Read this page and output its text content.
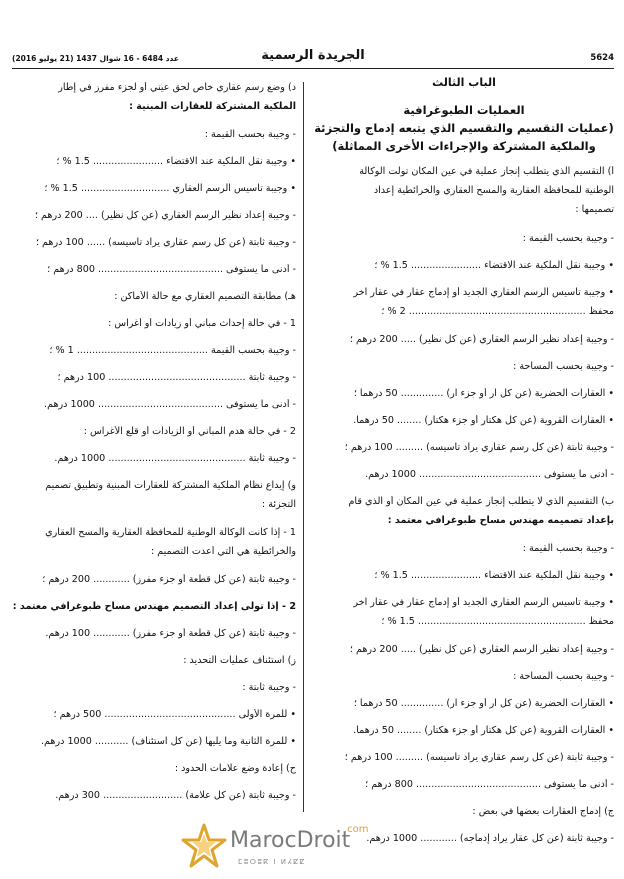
5624
الجريدة الرسمية
عدد 6484 - 16 شوال 1437 (21 يوليو 2016)
الباب الثالث
العمليات الطبوغرافية
(عمليات التقسيم والتقسيم الذي يتبعه إدماج والتجزئة
والملكية المشتركة والإجراءات الأخرى المماثلة)
أ) التقسيم الذي يتطلب إنجاز عملية في عين المكان تولت الوكالة
الوطنية للمحافظة العقارية والمسح العقاري والخرائطية إعداد
تصميمها :
- وجيبة بحسب القيمة :
• وجيبة نقل الملكية عند الاقتضاء ....................... 1.5 % ؛
• وجيبة تأسيس الرسم العقاري الجديد أو إدماج عقار في عقار آخر
محفظ .......................................................... 2 % ؛
- وجيبة إعداد نظير الرسم العقاري (عن كل نظير) ..... 200 درهم ؛
- وجيبة بحسب المساحة :
• العقارات الحضرية (عن كل آر أو جزء آر) .............. 50 درهما ؛
• العقارات القروية (عن كل هكتار أو جزء هكتار) ........ 50 درهما.
- وجيبة ثابتة (عن كل رسم عقاري يراد تأسيسه) ......... 100 درهم ؛
- أدنى ما يستوفى ........................................ 1000 درهم.
ب) التقسيم الذي لا يتطلب إنجاز عملية في عين المكان أو الذي قام
بإعداد تصميمه مهندس مساح طبوغرافي معتمد :
- وجيبة بحسب القيمة :
• وجيبة نقل الملكية عند الاقتضاء ....................... 1.5 % ؛
• وجيبة تأسيس الرسم العقاري الجديد أو إدماج عقار في عقار آخر
محفظ ....................................................... 1.5 % ؛
- وجيبة إعداد نظير الرسم العقاري (عن كل نظير) ..... 200 درهم ؛
- وجيبة بحسب المساحة :
• العقارات الحضرية (عن كل آر أو جزء آر) .............. 50 درهما ؛
• العقارات القروية (عن كل هكتار أو جزء هكتار) ........ 50 درهما.
- وجيبة ثابتة (عن كل رسم عقاري يراد تأسيسه) ......... 100 درهم ؛
- أدنى ما يستوفى ......................................... 800 درهم ؛
ج) إدماج العقارات بعضها في بعض :
- وجيبة ثابتة (عن كل عقار يراد إدماجه) ............ 1000 درهم.
د) وضع رسم عقاري خاص لحق عيني أو لجزء مفرز في إطار
الملكية المشتركة للعقارات المبنية :
- وجيبة بحسب القيمة :
• وجيبة نقل الملكية عند الاقتضاء ....................... 1.5 % ؛
• وجيبة تأسيس الرسم العقاري ............................. 1.5 % ؛
- وجيبة إعداد نظير الرسم العقاري (عن كل نظير) .... 200 درهم ؛
- وجيبة ثابتة (عن كل رسم عقاري يراد تأسيسه) ...... 100 درهم ؛
- أدنى ما يستوفى ......................................... 800 درهم ؛
هـ) مطابقة التصميم العقاري مع حالة الأماكن :
1 - في حالة إحداث مباني أو زيادات أو أغراس :
- وجيبة بحسب القيمة ........................................... 1 % ؛
- وجيبة ثابتة ............................................. 100 درهم ؛
- أدنى ما يستوفى ......................................... 1000 درهم.
2 - في حالة هدم المباني أو الزيادات أو قلع الأغراس :
- وجيبة ثابتة ............................................. 1000 درهم.
و) إيداع نظام الملكية المشتركة للعقارات المبنية وتطبيق تصميم
التجزئة :
1 - إذا كانت الوكالة الوطنية للمحافظة العقارية والمسح العقاري
والخرائطية هي التي أعدت التصميم :
- وجيبة ثابتة (عن كل قطعة أو جزء مفرز) ............ 200 درهم ؛
2 - إذا تولى إعداد التصميم مهندس مساح طبوغرافي معتمد :
- وجيبة ثابتة (عن كل قطعة أو جزء مفرز) ............ 100 درهم.
ز) استئناف عمليات التحديد :
- وجيبة ثابتة :
• للمرة الأولى ........................................... 500 درهم ؛
• للمرة الثانية وما يليها (عن كل استئناف) ........... 1000 درهم.
ح) إعادة وضع علامات الحدود :
- وجيبة ثابتة (عن كل علامة) .......................... 300 درهم.
MarocDroit
.com
ⵎⵓⵔⵓⴽ ⵏ ⵍⵃⵇⵇ
